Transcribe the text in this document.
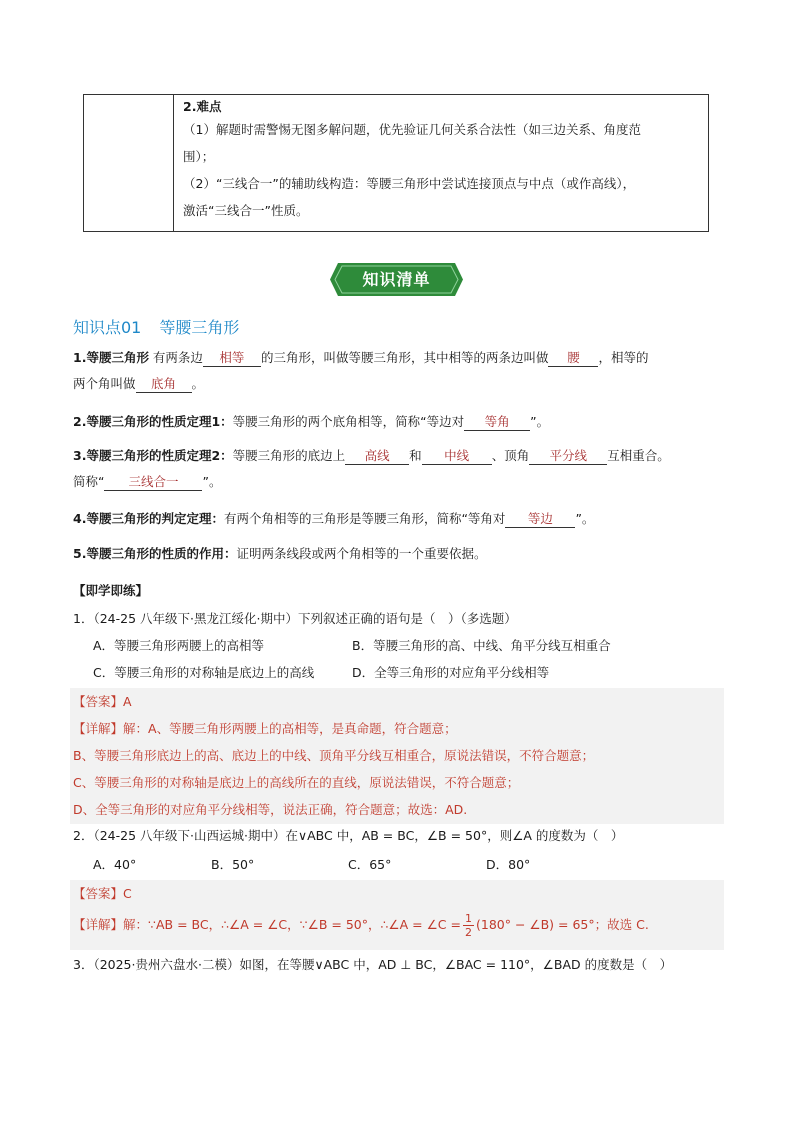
2.难点
（1）解题时需警惕无图多解问题，优先验证几何关系合法性（如三边关系、角度范
围）；
（2）“三线合一”的辅助线构造：等腰三角形中尝试连接顶点与中点（或作高线），
激活“三线合一”性质。
知识清单
知识点01 等腰三角形
1.等腰三角形 有两条边 相等 的三角形，叫做等腰三角形，其中相等的两条边叫做 腰 ，相等的
两个角叫做 底角 。
2.等腰三角形的性质定理1：等腰三角形的两个底角相等，简称“等边对 等角 ”。
3.等腰三角形的性质定理2：等腰三角形的底边上 高线 和 中线 、顶角 平分线 互相重合。
简称“ 三线合一 ”。
4.等腰三角形的判定定理：有两个角相等的三角形是等腰三角形，简称“等角对 等边 ”。
5.等腰三角形的性质的作用：证明两条线段或两个角相等的一个重要依据。
【即学即练】
1．（24-25 八年级下·黑龙江绥化·期中）下列叙述正确的语句是（　）（多选题）
A．等腰三角形两腰上的高相等	B．等腰三角形的高、中线、角平分线互相重合
C．等腰三角形的对称轴是底边上的高线	D．全等三角形的对应角平分线相等
【答案】A
【详解】解：A、等腰三角形两腰上的高相等，是真命题，符合题意；
B、等腰三角形底边上的高、底边上的中线、顶角平分线互相重合，原说法错误，不符合题意；
C、等腰三角形的对称轴是底边上的高线所在的直线，原说法错误，不符合题意；
D、全等三角形的对应角平分线相等，说法正确，符合题意；故选：AD.
2．（24-25 八年级下·山西运城·期中）在∨ABC 中，AB = BC，∠B = 50°，则∠A 的度数为（　）
A．40°	B．50°	C．65°	D．80°
【答案】C
【详解】 解：∵AB = BC，∴∠A = ∠C，∵∠B = 50°，∴∠A = ∠C = $\frac{1}{2} (180^\circ$ − ∠B) = 65°；故选 C.
3．（2025·贵州六盘水·二模）如图，在等腰∨ABC 中，AD ⊥ BC，∠BAC = 110°，∠BAD 的度数是（　）
